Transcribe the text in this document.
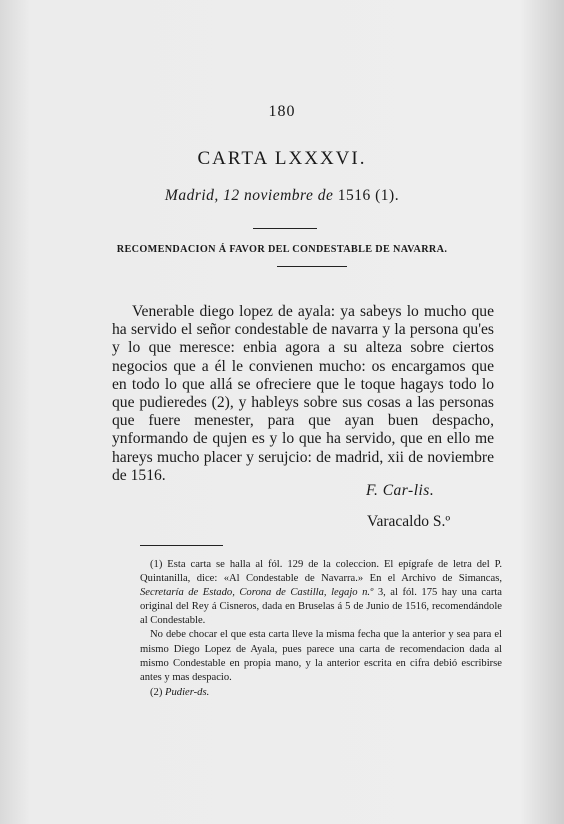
180
CARTA LXXXVI.
Madrid, 12 noviembre de 1516 (1).
RECOMENDACION Á FAVOR DEL CONDESTABLE DE NAVARRA.

Venerable diego lopez de ayala: ya sabeys lo mucho que ha servido el señor condestable de navarra y la persona qu'es y lo que meresce: enbia agora a su alteza sobre ciertos negocios que a él le convienen mucho: os encargamos que en todo lo que allá se ofreciere que le toque hagays todo lo que pudieredes (2), y hableys sobre sus cosas a las personas que fuere menester, para que ayan buen despacho, ynformando de qujen es y lo que ha servido, que en ello me hareys mucho placer y serujcio: de madrid, xii de noviembre de 1516.

F. Car-lis.
Varacaldo S.º

(1) Esta carta se halla al fól. 129 de la coleccion. El epígrafe de letra del P. Quintanilla, dice: «Al Condestable de Navarra.» En el Archivo de Simancas, Secretaría de Estado, Corona de Castilla, legajo n.º 3, al fól. 175 hay una carta original del Rey á Cisneros, dada en Bruselas á 5 de Junio de 1516, recomendándole al Condestable.

No debe chocar el que esta carta lleve la misma fecha que la anterior y sea para el mismo Diego Lopez de Ayala, pues parece una carta de recomendacion dada al mismo Condestable en propia mano, y la anterior escrita en cifra debió escribirse antes y mas despacio.

(2) Pudier-ds.
